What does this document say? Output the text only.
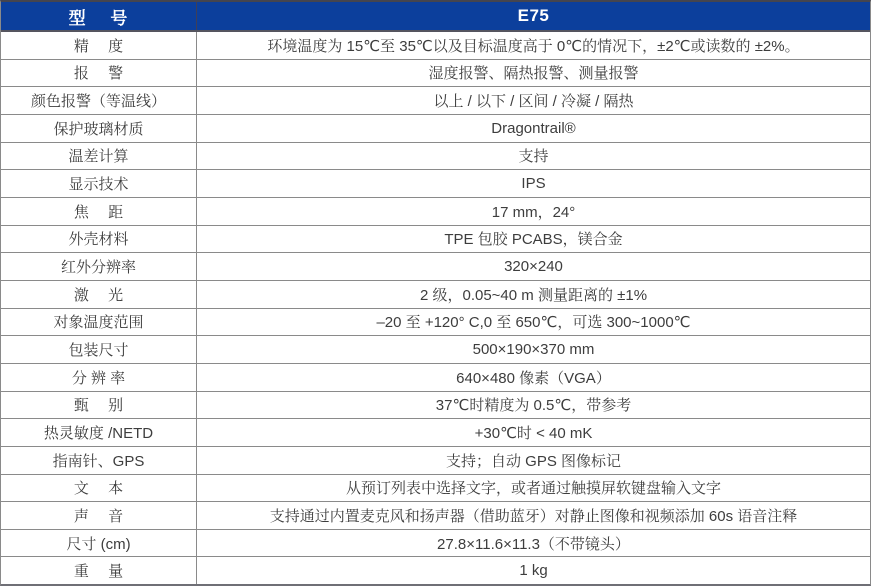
型　 号	E75
精　 度	环境温度为 15℃至 35℃以及目标温度高于 0℃的情况下，±2℃或读数的 ±2%。
报　 警	湿度报警、隔热报警、测量报警
颜色报警（等温线）	以上 / 以下 / 区间 / 冷凝 / 隔热
保护玻璃材质	Dragontrail®
温差计算	支持
显示技术	IPS
焦　 距	17 mm，24°
外壳材料	TPE 包胶 PCABS，镁合金
红外分辨率	320×240
激　 光	2 级，0.05~40 m 测量距离的 ±1%
对象温度范围	–20 至 +120° C,0 至 650℃，可选 300~1000℃
包装尺寸	500×190×370 mm
分 辨 率	640×480 像素（VGA）
甄　 别	37℃时精度为 0.5℃，带参考
热灵敏度 /NETD	+30℃时 < 40 mK
指南针、GPS	支持；自动 GPS 图像标记
文　 本	从预订列表中选择文字，或者通过触摸屏软键盘输入文字
声　 音	支持通过内置麦克风和扬声器（借助蓝牙）对静止图像和视频添加 60s 语音注释
尺寸 (cm)	27.8×11.6×11.3（不带镜头）
重　 量	1 kg
